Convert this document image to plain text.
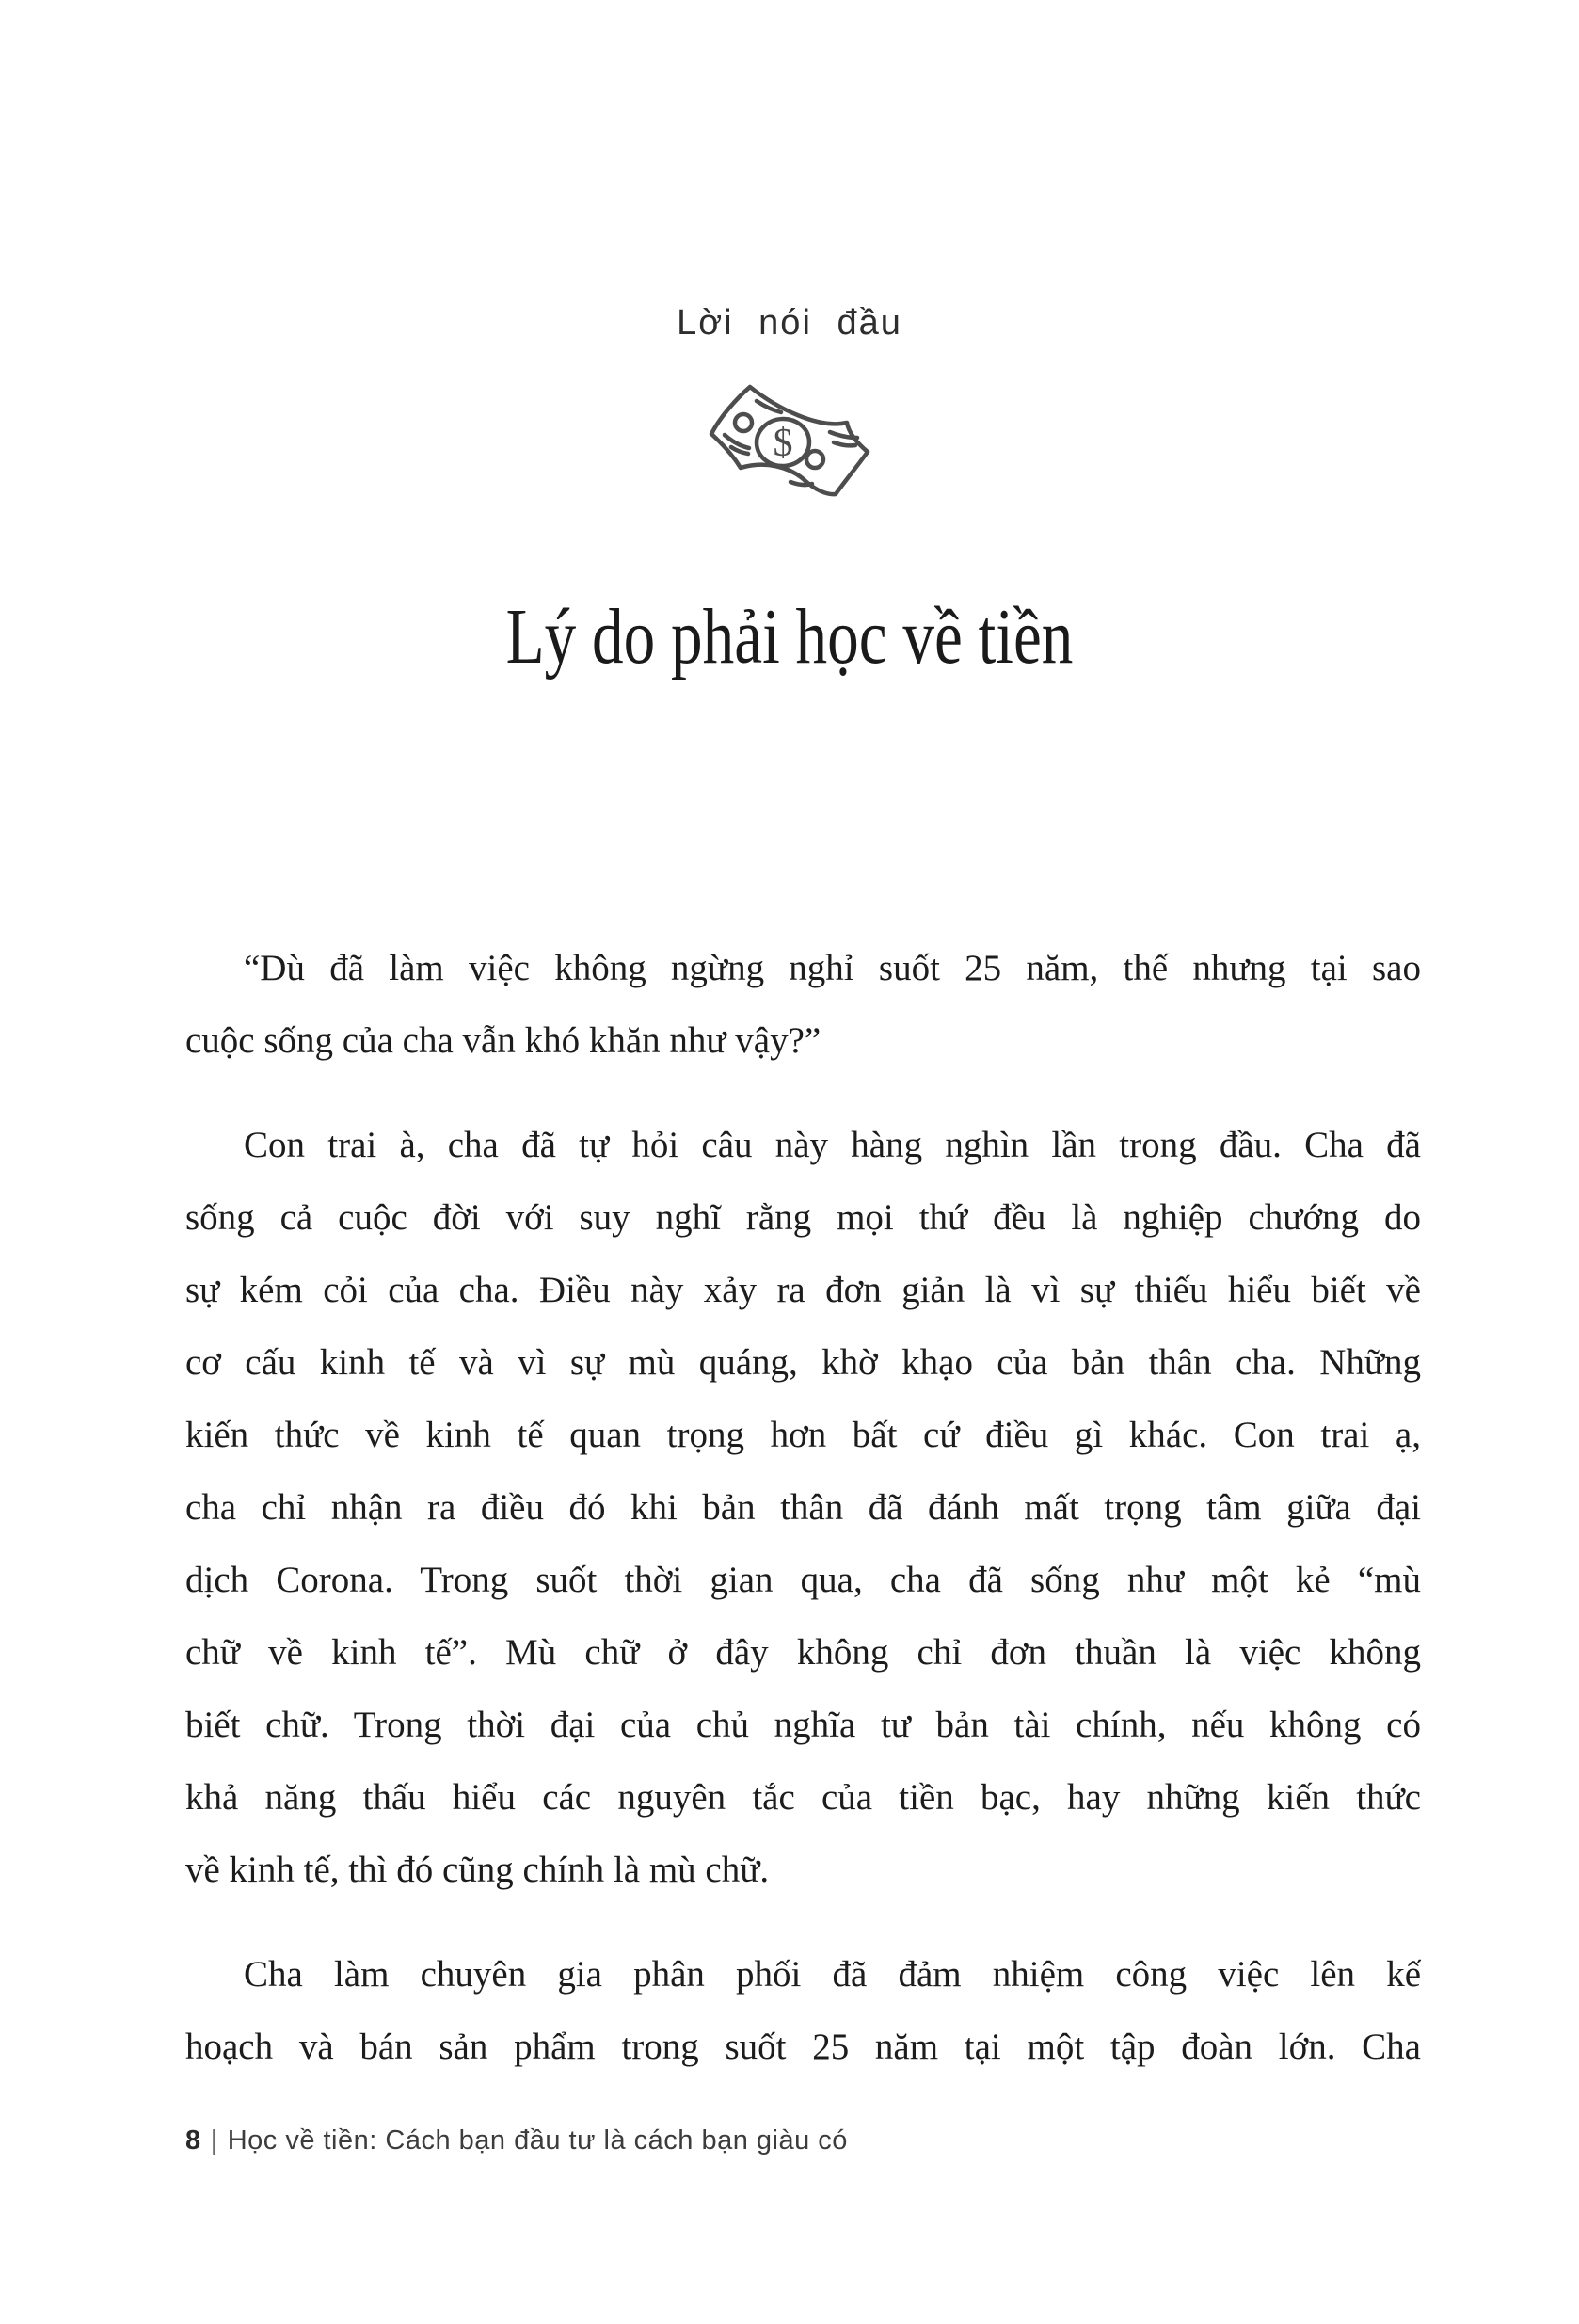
Lời nói đầu
$
Lý do phải học về tiền
“Dù đã làm việc không ngừng nghỉ suốt 25 năm, thế nhưng tại sao
cuộc sống của cha vẫn khó khăn như vậy?”
Con trai à, cha đã tự hỏi câu này hàng nghìn lần trong đầu. Cha đã
sống cả cuộc đời với suy nghĩ rằng mọi thứ đều là nghiệp chướng do
sự kém cỏi của cha. Điều này xảy ra đơn giản là vì sự thiếu hiểu biết về
cơ cấu kinh tế và vì sự mù quáng, khờ khạo của bản thân cha. Những
kiến thức về kinh tế quan trọng hơn bất cứ điều gì khác. Con trai ạ,
cha chỉ nhận ra điều đó khi bản thân đã đánh mất trọng tâm giữa đại
dịch Corona. Trong suốt thời gian qua, cha đã sống như một kẻ “mù
chữ về kinh tế”. Mù chữ ở đây không chỉ đơn thuần là việc không
biết chữ. Trong thời đại của chủ nghĩa tư bản tài chính, nếu không có
khả năng thấu hiểu các nguyên tắc của tiền bạc, hay những kiến thức
về kinh tế, thì đó cũng chính là mù chữ.
Cha làm chuyên gia phân phối đã đảm nhiệm công việc lên kế
hoạch và bán sản phẩm trong suốt 25 năm tại một tập đoàn lớn. Cha
8 | Học về tiền: Cách bạn đầu tư là cách bạn giàu có
